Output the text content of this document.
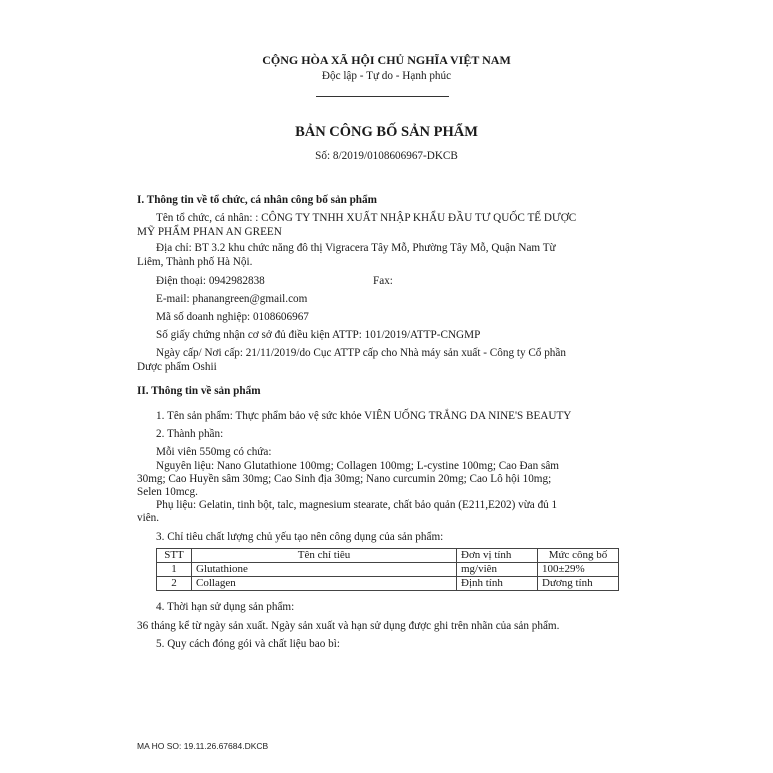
CỘNG HÒA XÃ HỘI CHỦ NGHĨA VIỆT NAM
Độc lập - Tự do - Hạnh phúc
BẢN CÔNG BỐ SẢN PHẨM
Số: 8/2019/0108606967-DKCB
I. Thông tin về tổ chức, cá nhân công bố sản phẩm
Tên tổ chức, cá nhân: : CÔNG TY TNHH XUẤT NHẬP KHẨU ĐẦU TƯ QUỐC TẾ DƯỢC
MỸ PHẨM PHAN AN GREEN
Địa chỉ: BT 3.2 khu chức năng đô thị Vigracera Tây Mỗ, Phường Tây Mỗ, Quận Nam Từ
Liêm, Thành phố Hà Nội.
Điện thoại: 0942982838	Fax:
E-mail: phanangreen@gmail.com
Mã số doanh nghiệp: 0108606967
Số giấy chứng nhận cơ sở đủ điều kiện ATTP: 101/2019/ATTP-CNGMP
Ngày cấp/ Nơi cấp: 21/11/2019/do Cục ATTP cấp cho Nhà máy sản xuất - Công ty Cổ phần
Dược phẩm Oshii
II. Thông tin về sản phẩm
1. Tên sản phẩm: Thực phẩm bảo vệ sức khỏe VIÊN UỐNG TRẮNG DA NINE'S BEAUTY
2. Thành phần:
Mỗi viên 550mg có chứa:
Nguyên liệu: Nano Glutathione 100mg; Collagen 100mg; L-cystine 100mg; Cao Đan sâm
30mg; Cao Huyền sâm 30mg; Cao Sinh địa 30mg; Nano curcumin 20mg; Cao Lô hội 10mg;
Selen 10mcg.
Phụ liệu: Gelatin, tinh bột, talc, magnesium stearate, chất bảo quản (E211,E202) vừa đủ 1
viên.
3. Chỉ tiêu chất lượng chủ yếu tạo nên công dụng của sản phẩm:
STT	Tên chỉ tiêu	Đơn vị tính	Mức công bố
1	Glutathione	mg/viên	100±29%
2	Collagen	Định tính	Dương tính
4. Thời hạn sử dụng sản phẩm:
36 tháng kể từ ngày sản xuất. Ngày sản xuất và hạn sử dụng được ghi trên nhãn của sản phẩm.
5. Quy cách đóng gói và chất liệu bao bì:
MA HO SO: 19.11.26.67684.DKCB
